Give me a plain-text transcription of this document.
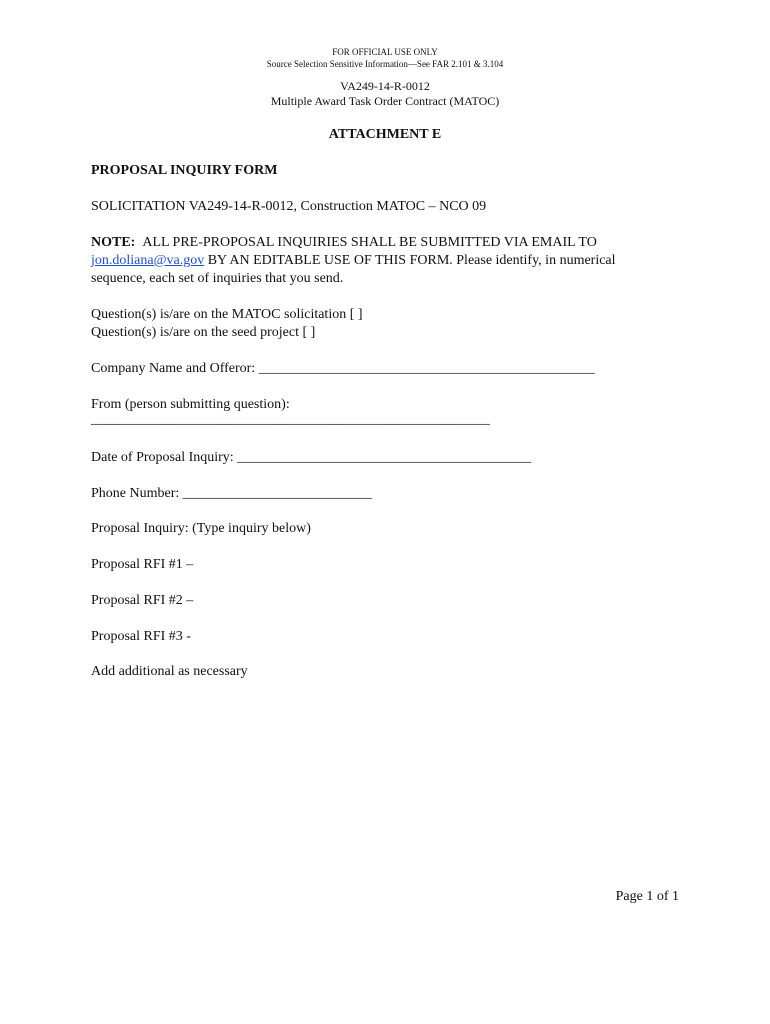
FOR OFFICIAL USE ONLY
Source Selection Sensitive Information—See FAR 2.101 & 3.104
VA249-14-R-0012
Multiple Award Task Order Contract (MATOC)
ATTACHMENT E
PROPOSAL INQUIRY FORM
SOLICITATION VA249-14-R-0012, Construction MATOC – NCO 09
NOTE: ALL PRE-PROPOSAL INQUIRIES SHALL BE SUBMITTED VIA EMAIL TO
jon.doliana@va.gov BY AN EDITABLE USE OF THIS FORM. Please identify, in numerical
sequence, each set of inquiries that you send.
Question(s) is/are on the MATOC solicitation [ ]
Question(s) is/are on the seed project [ ]
Company Name and Offeror: ________________________________________________
From (person submitting question):
_________________________________________________________
Date of Proposal Inquiry: __________________________________________
Phone Number: ___________________________
Proposal Inquiry: (Type inquiry below)
Proposal RFI #1 –
Proposal RFI #2 –
Proposal RFI #3 -
Add additional as necessary
Page 1 of 1
